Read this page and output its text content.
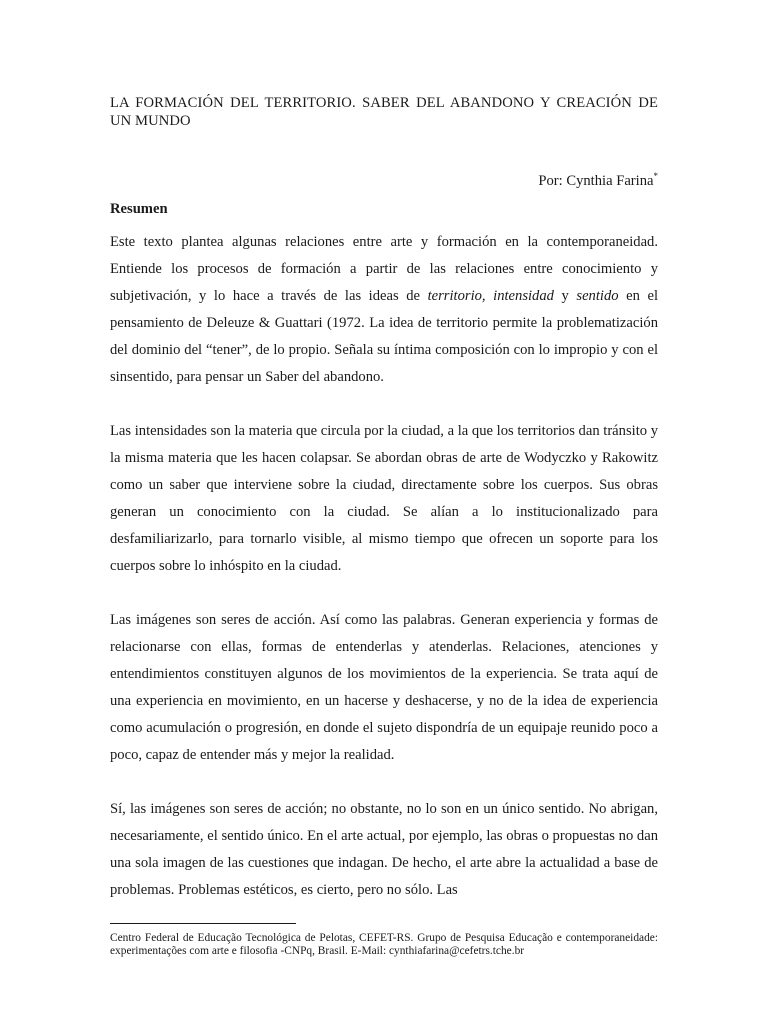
LA FORMACIÓN DEL TERRITORIO. SABER DEL ABANDONO Y CREACIÓN DE UN MUNDO
Por: Cynthia Farina*
Resumen

Este texto plantea algunas relaciones entre arte y formación en la contemporaneidad. Entiende los procesos de formación a partir de las relaciones entre conocimiento y subjetivación, y lo hace a través de las ideas de territorio, intensidad y sentido en el pensamiento de Deleuze & Guattari (1972. La idea de territorio permite la problematización del dominio del “tener”, de lo propio. Señala su íntima composición con lo impropio y con el sinsentido, para pensar un Saber del abandono.

Las intensidades son la materia que circula por la ciudad, a la que los territorios dan tránsito y la misma materia que les hacen colapsar. Se abordan obras de arte de Wodyczko y Rakowitz como un saber que interviene sobre la ciudad, directamente sobre los cuerpos. Sus obras generan un conocimiento con la ciudad. Se alían a lo institucionalizado para desfamiliarizarlo, para tornarlo visible, al mismo tiempo que ofrecen un soporte para los cuerpos sobre lo inhóspito en la ciudad.

Las imágenes son seres de acción. Así como las palabras. Generan experiencia y formas de relacionarse con ellas, formas de entenderlas y atenderlas. Relaciones, atenciones y entendimientos constituyen algunos de los movimientos de la experiencia. Se trata aquí de una experiencia en movimiento, en un hacerse y deshacerse, y no de la idea de experiencia como acumulación o progresión, en donde el sujeto dispondría de un equipaje reunido poco a poco, capaz de entender más y mejor la realidad.

Sí, las imágenes son seres de acción; no obstante, no lo son en un único sentido. No abrigan, necesariamente, el sentido único. En el arte actual, por ejemplo, las obras o propuestas no dan una sola imagen de las cuestiones que indagan. De hecho, el arte abre la actualidad a base de problemas. Problemas estéticos, es cierto, pero no sólo. Las

Centro Federal de Educação Tecnológica de Pelotas, CEFET-RS. Grupo de Pesquisa Educação e contemporaneidade: experimentações com arte e filosofia -CNPq, Brasil. E-Mail: cynthiafarina@cefetrs.tche.br
